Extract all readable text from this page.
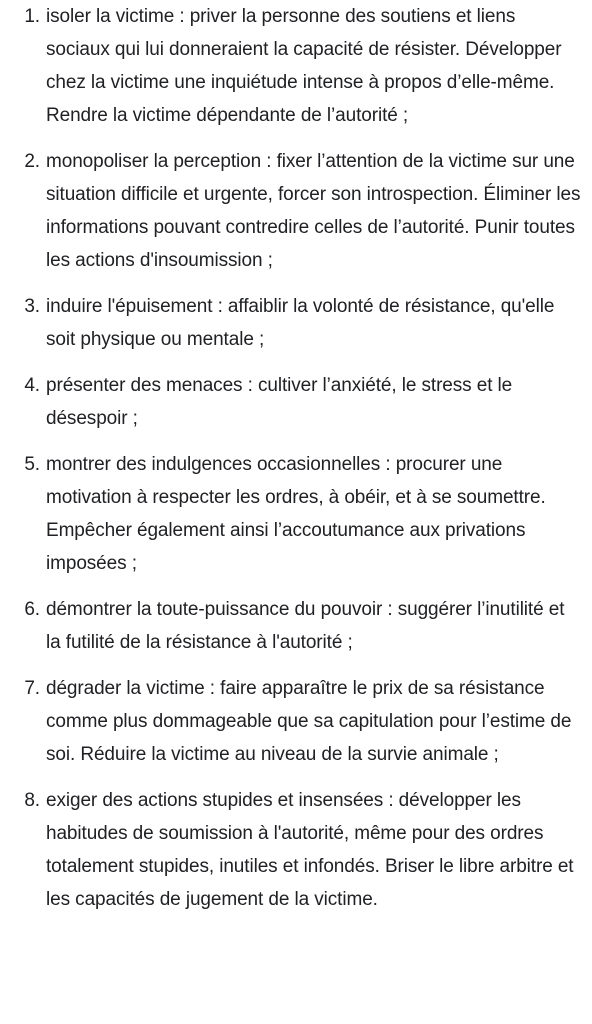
1. isoler la victime : priver la personne des soutiens et liens sociaux qui lui donneraient la capacité de résister. Développer chez la victime une inquiétude intense à propos d’elle-même. Rendre la victime dépendante de l’autorité ;
2. monopoliser la perception : fixer l’attention de la victime sur une situation difficile et urgente, forcer son introspection. Éliminer les informations pouvant contredire celles de l’autorité. Punir toutes les actions d'insoumission ;
3. induire l'épuisement : affaiblir la volonté de résistance, qu'elle soit physique ou mentale ;
4. présenter des menaces : cultiver l’anxiété, le stress et le désespoir ;
5. montrer des indulgences occasionnelles : procurer une motivation à respecter les ordres, à obéir, et à se soumettre. Empêcher également ainsi l’accoutumance aux privations imposées ;
6. démontrer la toute-puissance du pouvoir : suggérer l’inutilité et la futilité de la résistance à l'autorité ;
7. dégrader la victime : faire apparaître le prix de sa résistance comme plus dommageable que sa capitulation pour l’estime de soi. Réduire la victime au niveau de la survie animale ;
8. exiger des actions stupides et insensées : développer les habitudes de soumission à l'autorité, même pour des ordres totalement stupides, inutiles et infondés. Briser le libre arbitre et les capacités de jugement de la victime.
